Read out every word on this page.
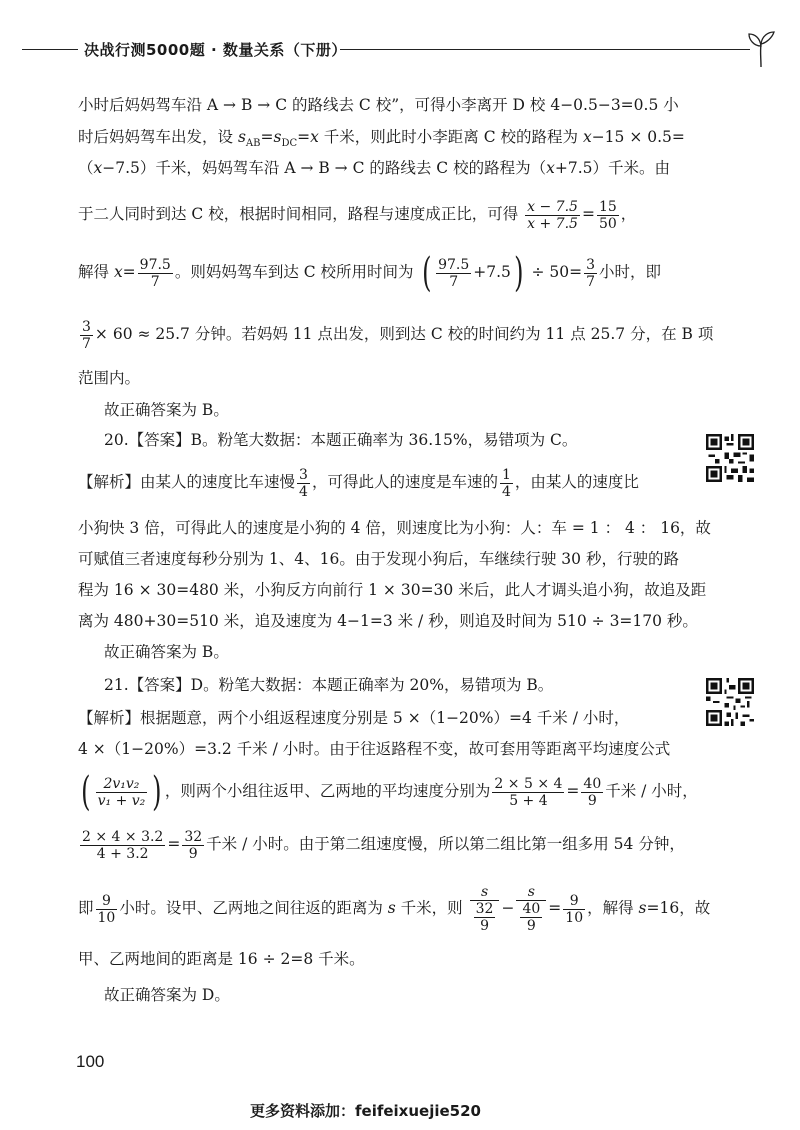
决战行测5000题 · 数量关系（下册）
小时后妈妈驾车沿 A → B → C 的路线去 C 校”，可得小李离开 D 校 4−0.5−3=0.5 小
时后妈妈驾车出发，设 $s_{AB}=s_{DC}=x$ 千米，则此时小李距离 C 校的路程为 x−15 × 0.5=
（x−7.5）千米，妈妈驾车沿 A → B → C 的路线去 C 校的路程为（x+7.5）千米。由
于二人同时到达 C 校，根据时间相同，路程与速度成正比，可得 $\frac{x - 7.5}{x + 7.5} = \frac{15}{50}$ ，
解得 $x= \frac{97.5}{7}$ 。则妈妈驾车到达 C 校所用时间为 ( $\frac{97.5}{7} +7.5) \div 50= \frac{3}{7}$ 小时，即
$\frac{3}{7} \times 60 \approx 25.7$ 分钟。若妈妈 11 点出发，则到达 C 校的时间约为 11 点 25.7 分，在 B 项
范围内。
故正确答案为 B。
20.【答案】B。粉笔大数据：本题正确率为 36.15%，易错项为 C。
【解析】由某人的速度比车速慢 $\frac{3}{4}$ ，可得此人的速度是车速的 $\frac{1}{4}$ ，由某人的速度比
小狗快 3 倍，可得此人的速度是小狗的 4 倍，则速度比为小狗：人：车 = 1 ： 4 ： 16，故
可赋值三者速度每秒分别为 1、4、16。由于发现小狗后，车继续行驶 30 秒，行驶的路
程为 16 × 30=480 米，小狗反方向前行 1 × 30=30 米后，此人才调头追小狗，故追及距
离为 480+30=510 米，追及速度为 4−1=3 米 / 秒，则追及时间为 510 ÷ 3=170 秒。
故正确答案为 B。
21.【答案】D。粉笔大数据：本题正确率为 20%，易错项为 B。
【解析】根据题意，两个小组返程速度分别是 5 ×（1−20%）=4 千米 / 小时，
4 ×（1−20%）=3.2 千米 / 小时。由于往返路程不变，故可套用等距离平均速度公式
( $\frac{\text{2v₁v₂}}{\text{v₁ + v₂}}$ ) ，则两个小组往返甲、乙两地的平均速度分别为 $\frac{2 \times 5 \times 4}{5 + 4} = \frac{40}{9}$ 千米 / 小时，
$\frac{2 \times 4 \times 3.2}{4 + 3.2} = \frac{32}{9}$ 千米 / 小时。由于第二组速度慢，所以第二组比第一组多用 54 分钟，
即 $\frac{9}{10}$ 小时。设甲、乙两地之间往返的距离为 s 千米，则 $\frac{s}{\frac{32}{9}} - \frac{s}{\frac{40}{9}} = \frac{9}{10}$ ，解得 s=16，故
甲、乙两地间的距离是 16 ÷ 2=8 千米。
故正确答案为 D。
100
更多资料添加：feifeixuejie520
